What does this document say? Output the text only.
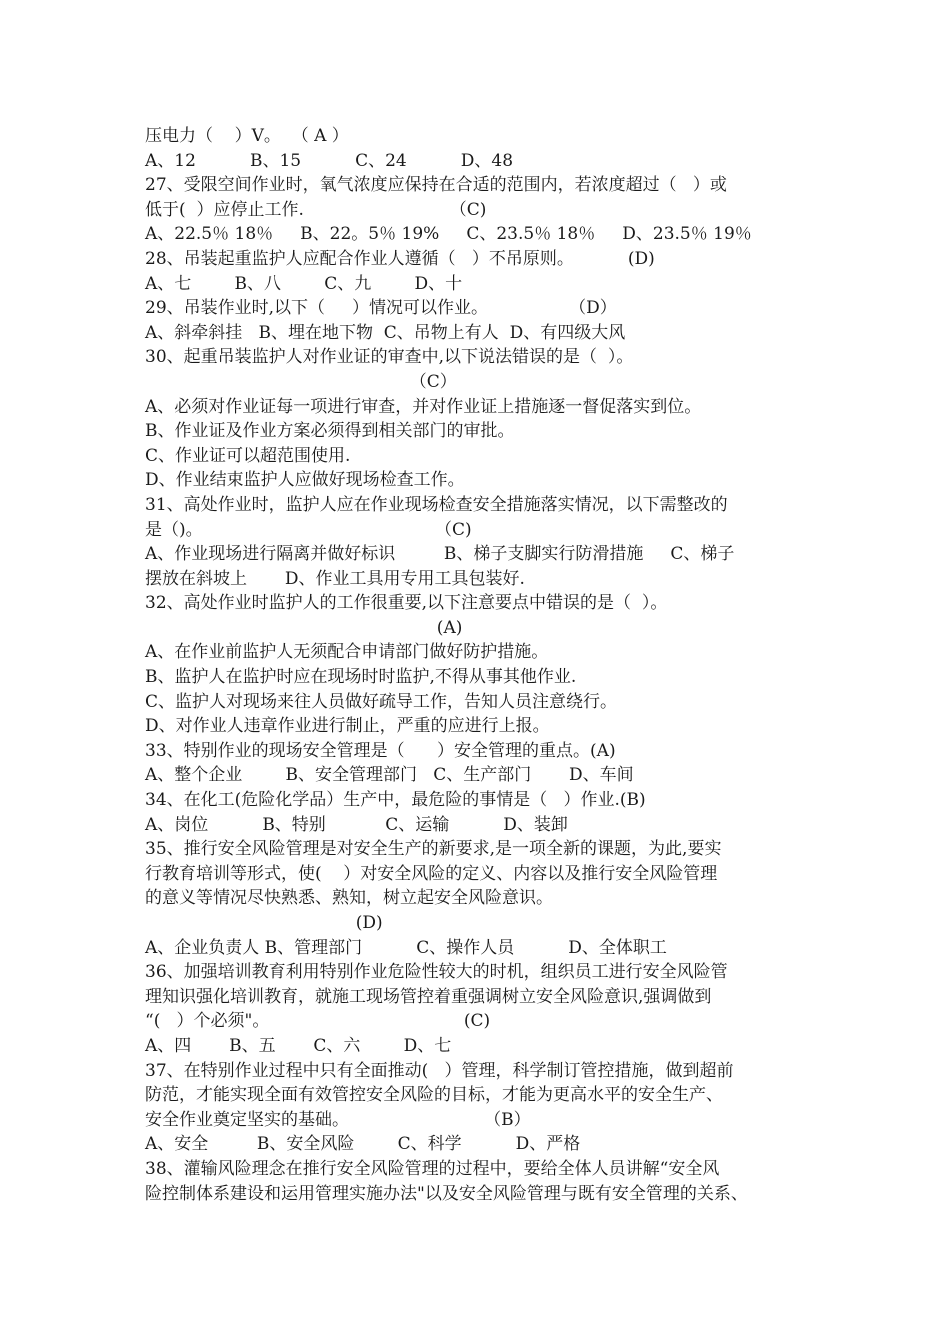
压电力（    ）V。  （ A ）
A、12          B、15          C、24          D、48
27、受限空间作业时，氧气浓度应保持在合适的范围内，若浓度超过（   ）或
低于(  ）应停止工作.                           （C)
A、22.5％ 18％     B、22。5％ 19%     C、23.5％ 18％     D、23.5％ 19％
28、吊装起重监护人应配合作业人遵循（   ）不吊原则。          (D)
A、七        B、八        C、九        D、十
29、吊装作业时,以下（     ）情况可以作业。               （D）
A、斜牵斜挂   B、埋在地下物  C、吊物上有人  D、有四级大风
30、起重吊装监护人对作业证的审查中,以下说法错误的是（  ）。
（C）
A、必须对作业证每一项进行审查，并对作业证上措施逐一督促落实到位。
B、作业证及作业方案必须得到相关部门的审批。
C、作业证可以超范围使用.
D、作业结束监护人应做好现场检查工作。
31、高处作业时，监护人应在作业现场检查安全措施落实情况，以下需整改的
是（)。                                           （C)
A、作业现场进行隔离并做好标识         B、梯子支脚实行防滑措施     C、梯子
摆放在斜坡上       D、作业工具用专用工具包装好.
32、高处作业时监护人的工作很重要,以下注意要点中错误的是（  ）。
(A)
A、在作业前监护人无须配合申请部门做好防护措施。
B、监护人在监护时应在现场时时监护,不得从事其他作业.
C、监护人对现场来往人员做好疏导工作，告知人员注意绕行。
D、对作业人违章作业进行制止，严重的应进行上报。
33、特别作业的现场安全管理是（      ）安全管理的重点。(A)
A、整个企业        B、安全管理部门   C、生产部门       D、车间
34、在化工(危险化学品）生产中，最危险的事情是（   ）作业.(B)
A、岗位          B、特别           C、运输          D、装卸
35、推行安全风险管理是对安全生产的新要求,是一项全新的课题，为此,要实
行教育培训等形式，使(    ）对安全风险的定义、内容以及推行安全风险管理
的意义等情况尽快熟悉、熟知，树立起安全风险意识。
(D)
A、企业负责人 B、管理部门          C、操作人员          D、全体职工
36、加强培训教育利用特别作业危险性较大的时机，组织员工进行安全风险管
理知识强化培训教育，就施工现场管控着重强调树立安全风险意识,强调做到
“(   ）个必须"。                                    (C)
A、四       B、五       C、六        D、七
37、在特别作业过程中只有全面推动(   ）管理，科学制订管控措施，做到超前
防范，才能实现全面有效管控安全风险的目标，才能为更高水平的安全生产、
安全作业奠定坚实的基础。                         （B）
A、安全         B、安全风险        C、科学          D、严格
38、灌输风险理念在推行安全风险管理的过程中，要给全体人员讲解“安全风
险控制体系建设和运用管理实施办法"以及安全风险管理与既有安全管理的关系、
